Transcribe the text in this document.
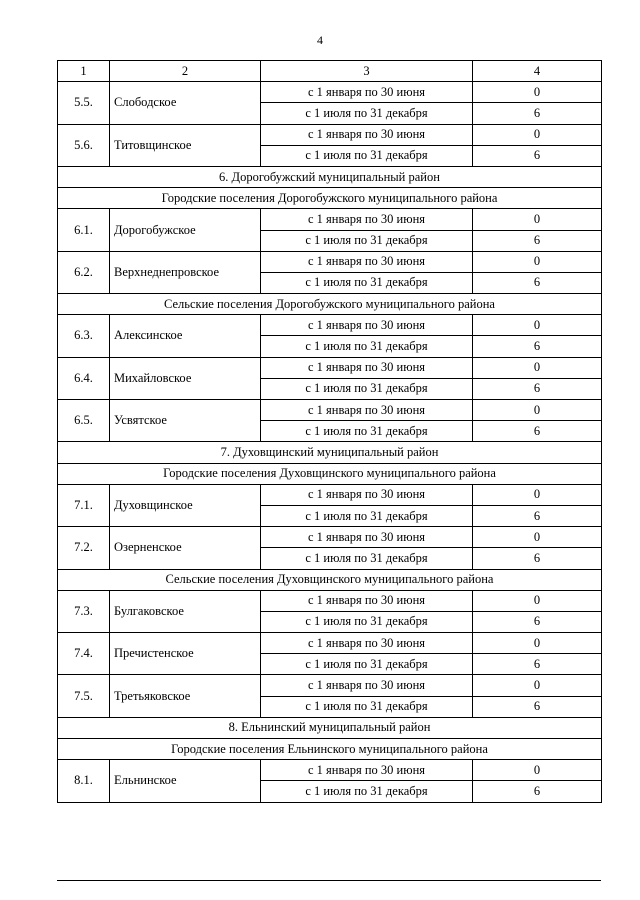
4
1	2	3	4
5.5.	Слободское	с 1 января по 30 июня	0
		с 1 июля по 31 декабря	6
5.6.	Титовщинское	с 1 января по 30 июня	0
		с 1 июля по 31 декабря	6
6. Дорогобужский муниципальный район			
Городские поселения Дорогобужского муниципального района			
6.1.	Дорогобужское	с 1 января по 30 июня	0
		с 1 июля по 31 декабря	6
6.2.	Верхнеднепровское	с 1 января по 30 июня	0
		с 1 июля по 31 декабря	6
Сельские поселения Дорогобужского муниципального района			
6.3.	Алексинское	с 1 января по 30 июня	0
		с 1 июля по 31 декабря	6
6.4.	Михайловское	с 1 января по 30 июня	0
		с 1 июля по 31 декабря	6
6.5.	Усвятское	с 1 января по 30 июня	0
		с 1 июля по 31 декабря	6
7. Духовщинский муниципальный район			
Городские поселения Духовщинского муниципального района			
7.1.	Духовщинское	с 1 января по 30 июня	0
		с 1 июля по 31 декабря	6
7.2.	Озерненское	с 1 января по 30 июня	0
		с 1 июля по 31 декабря	6
Сельские поселения Духовщинского муниципального района			
7.3.	Булгаковское	с 1 января по 30 июня	0
		с 1 июля по 31 декабря	6
7.4.	Пречистенское	с 1 января по 30 июня	0
		с 1 июля по 31 декабря	6
7.5.	Третьяковское	с 1 января по 30 июня	0
		с 1 июля по 31 декабря	6
8. Ельнинский муниципальный район			
Городские поселения Ельнинского муниципального района			
8.1.	Ельнинское	с 1 января по 30 июня	0
		с 1 июля по 31 декабря	6
